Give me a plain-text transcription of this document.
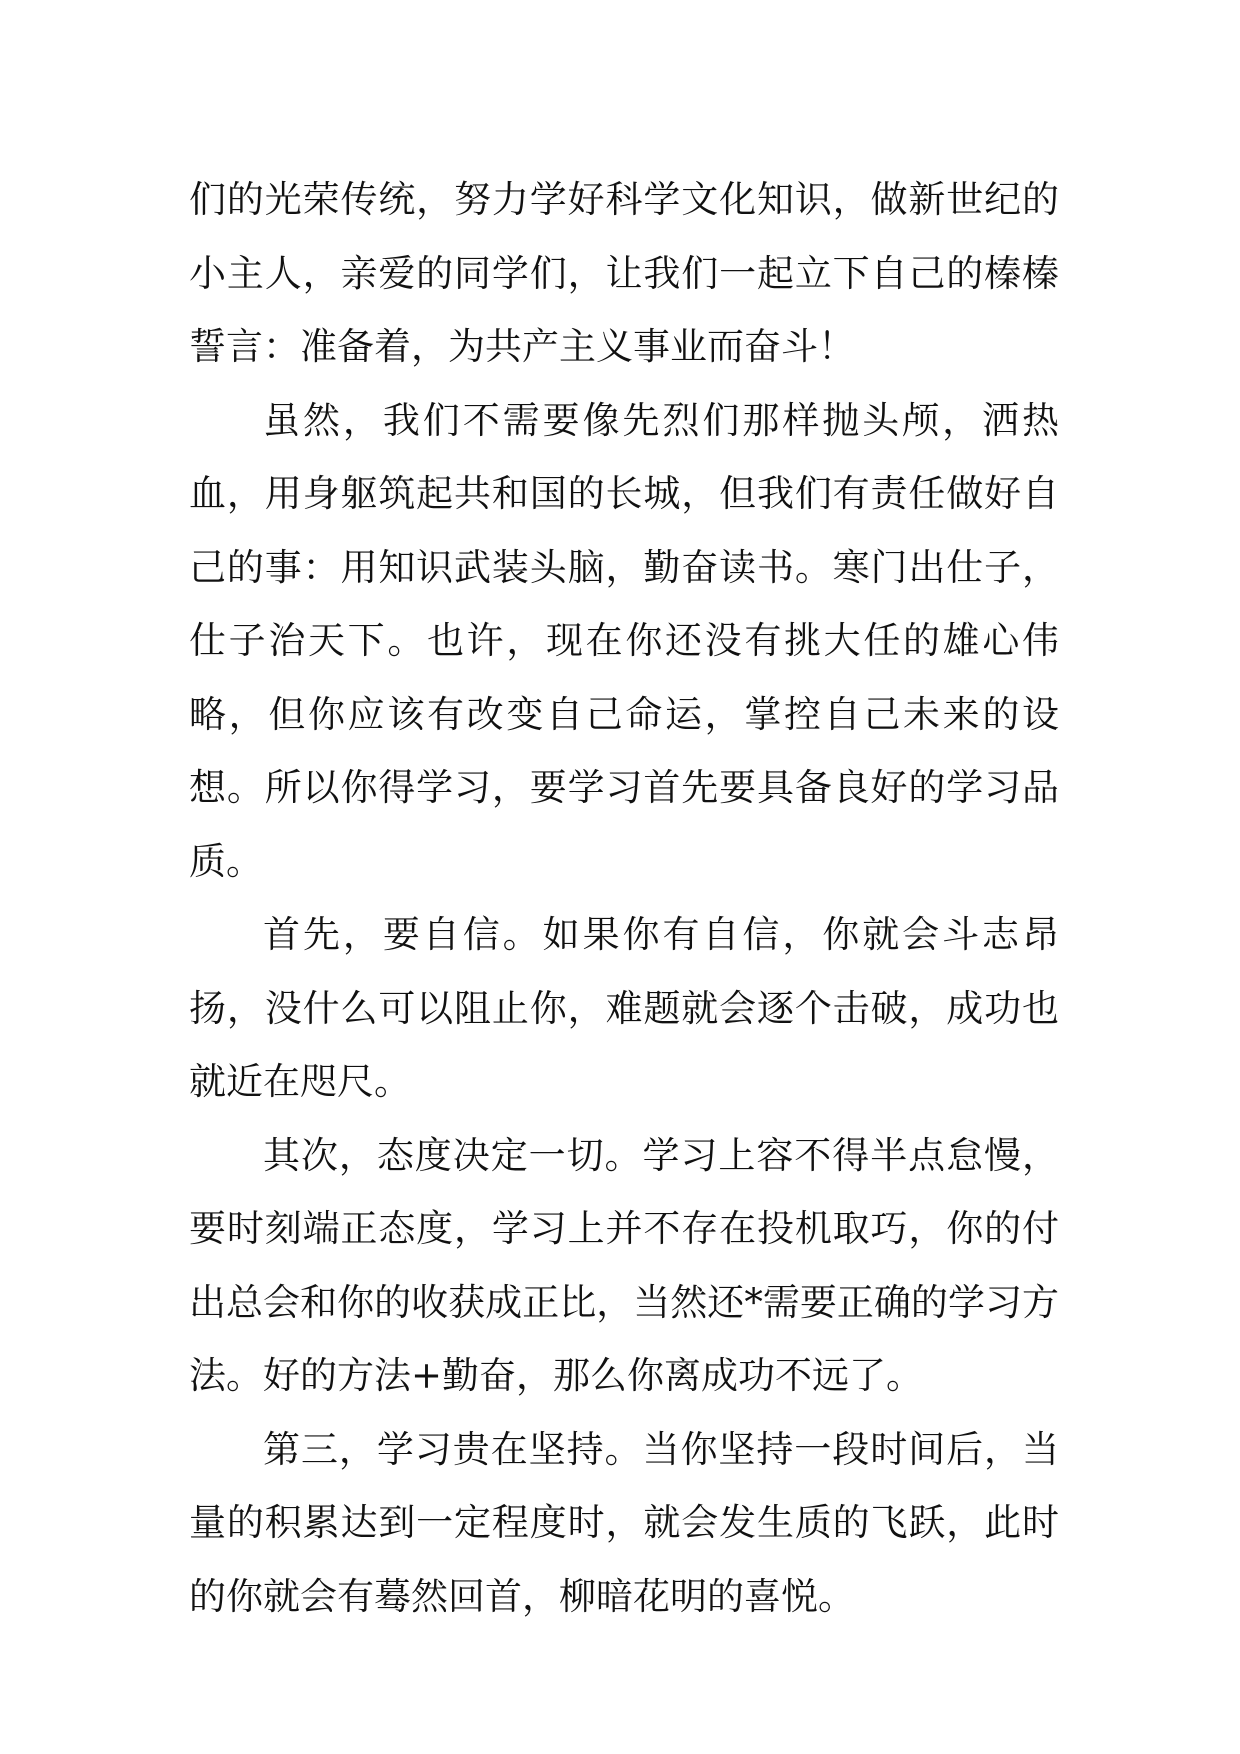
们的光荣传统，努力学好科学文化知识，做新世纪的小主人，亲爱的同学们，让我们一起立下自己的榛榛誓言：准备着，为共产主义事业而奋斗！

虽然，我们不需要像先烈们那样抛头颅，洒热血，用身躯筑起共和国的长城，但我们有责任做好自己的事：用知识武装头脑，勤奋读书。寒门出仕子，仕子治天下。也许，现在你还没有挑大任的雄心伟略，但你应该有改变自己命运，掌控自己未来的设想。所以你得学习，要学习首先要具备良好的学习品质。

首先，要自信。如果你有自信，你就会斗志昂扬，没什么可以阻止你，难题就会逐个击破，成功也就近在咫尺。

其次，态度决定一切。学习上容不得半点怠慢，要时刻端正态度，学习上并不存在投机取巧，你的付出总会和你的收获成正比，当然还*需要正确的学习方法。好的方法+勤奋，那么你离成功不远了。

第三，学习贵在坚持。当你坚持一段时间后，当量的积累达到一定程度时，就会发生质的飞跃，此时的你就会有蓦然回首，柳暗花明的喜悦。
